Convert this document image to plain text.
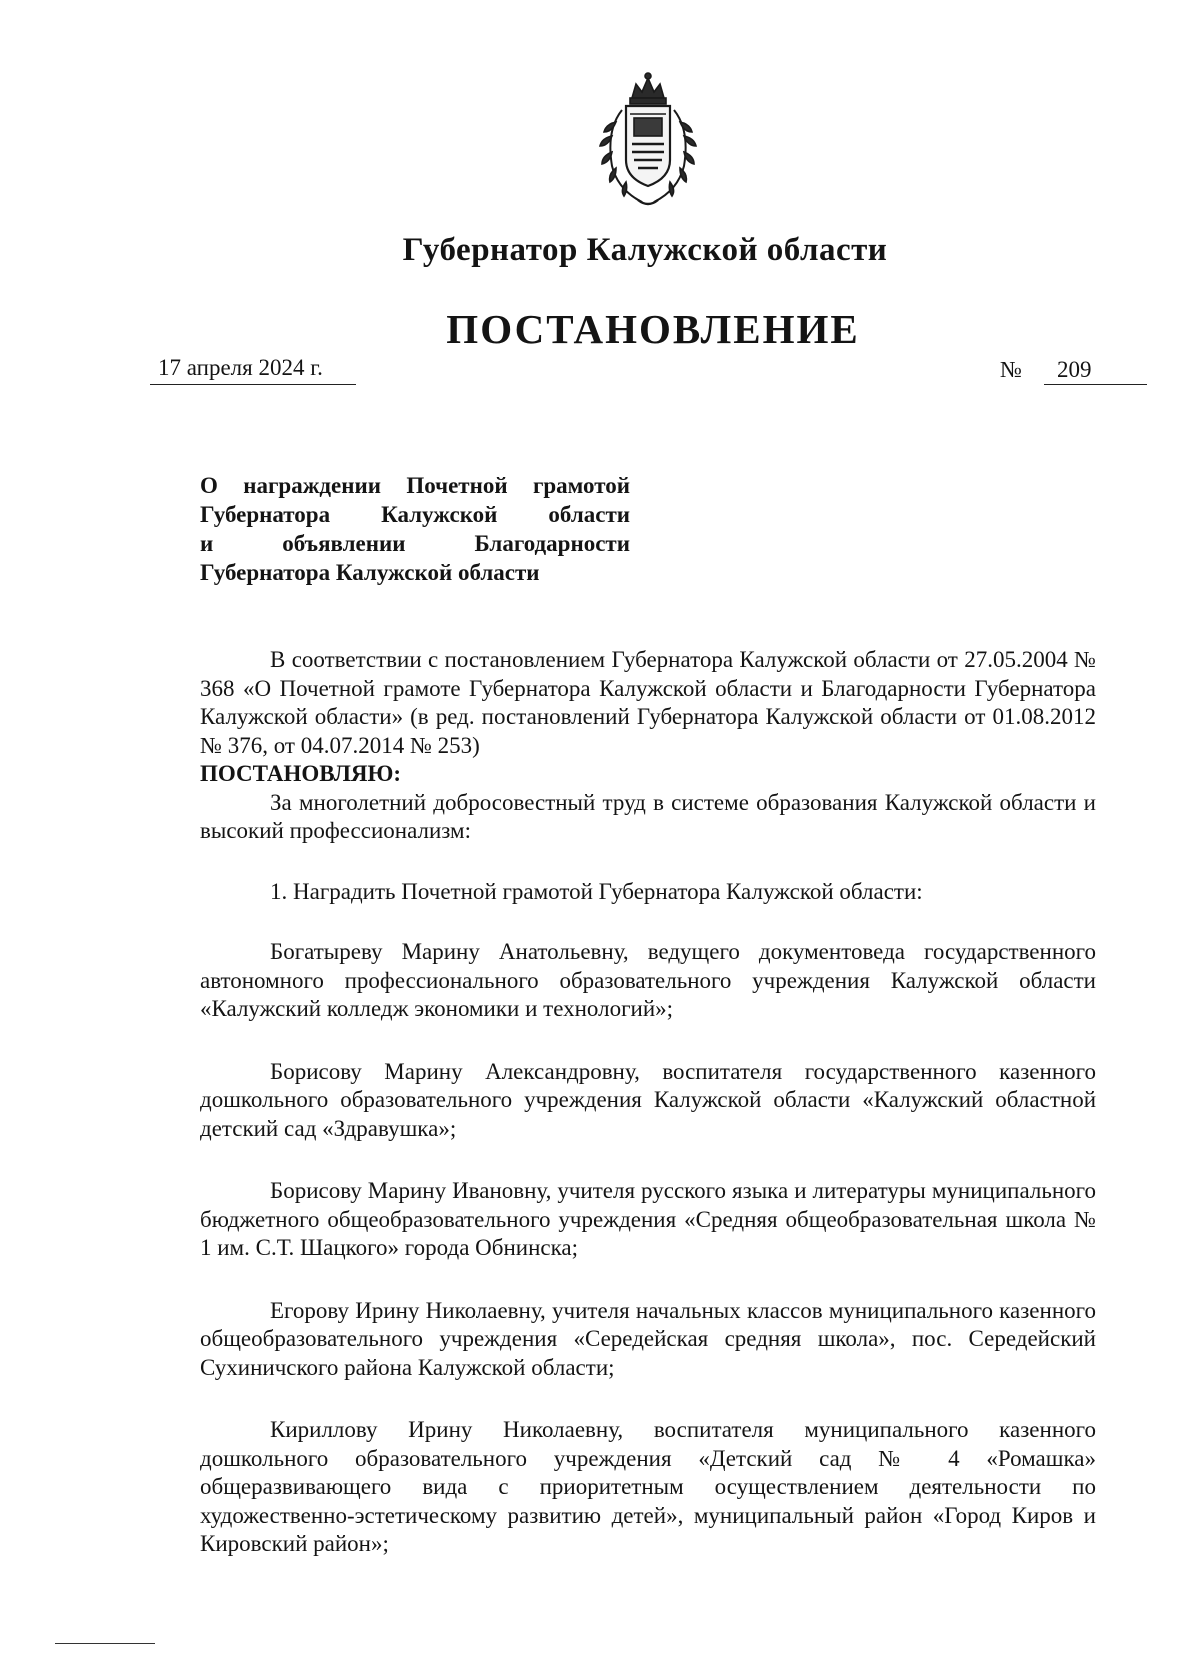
Губернатор Калужской области
ПОСТАНОВЛЕНИЕ
17 апреля 2024 г.	№ 209
О награждении Почетной грамотой
Губернатора Калужской области
и объявлении Благодарности
Губернатора Калужской области

В соответствии с постановлением Губернатора Калужской области от 27.05.2004 № 368 «О Почетной грамоте Губернатора Калужской области и Благодарности Губернатора Калужской области» (в ред. постановлений Губернатора Калужской области от 01.08.2012 № 376, от 04.07.2014 № 253)

ПОСТАНОВЛЯЮ:

За многолетний добросовестный труд в системе образования Калужской области и высокий профессионализм:

1. Наградить Почетной грамотой Губернатора Калужской области:

Богатыреву Марину Анатольевну, ведущего документоведа государственного автономного профессионального образовательного учреждения Калужской области «Калужский колледж экономики и технологий»;

Борисову Марину Александровну, воспитателя государственного казенного дошкольного образовательного учреждения Калужской области «Калужский областной детский сад «Здравушка»;

Борисову Марину Ивановну, учителя русского языка и литературы муниципального бюджетного общеобразовательного учреждения «Средняя общеобразовательная школа № 1 им. С.Т. Шацкого» города Обнинска;

Егорову Ирину Николаевну, учителя начальных классов муниципального казенного общеобразовательного учреждения «Середейская средняя школа», пос. Середейский Сухиничского района Калужской области;

Кириллову Ирину Николаевну, воспитателя муниципального казенного дошкольного образовательного учреждения «Детский сад № 4 «Ромашка» общеразвивающего вида с приоритетным осуществлением деятельности по художественно-эстетическому развитию детей», муниципальный район «Город Киров и Кировский район»;
